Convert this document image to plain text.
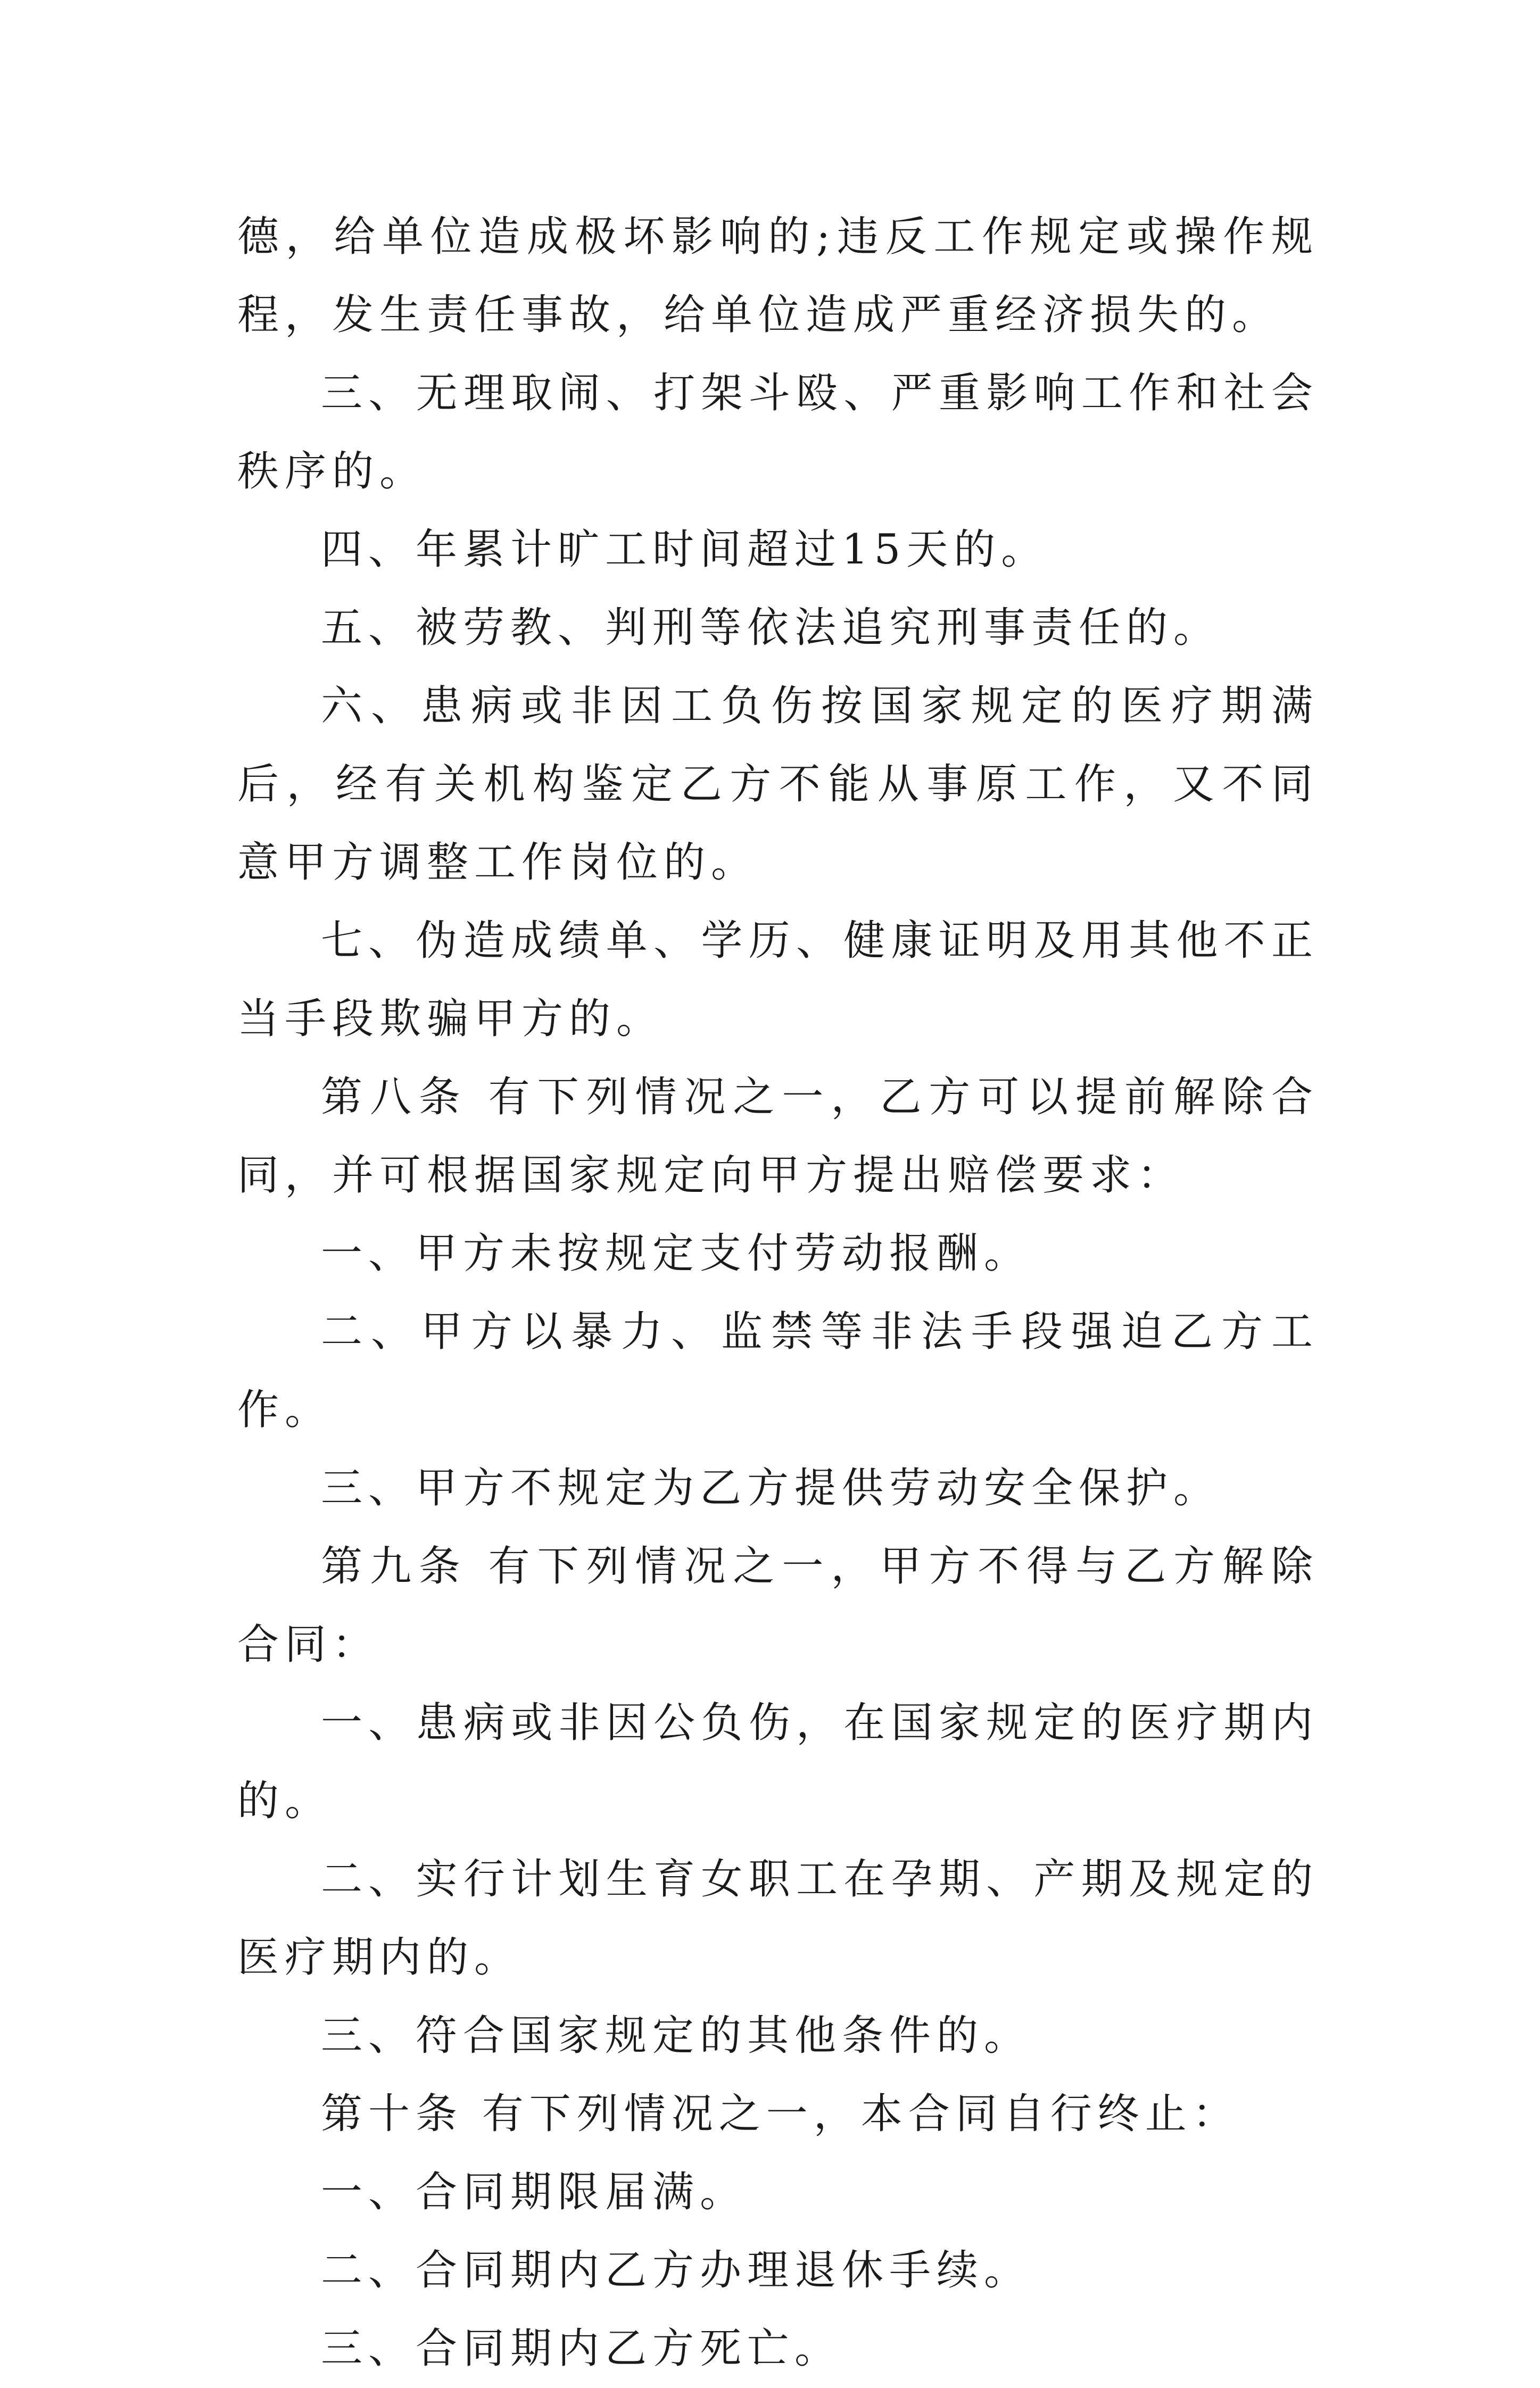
德，给单位造成极坏影响的;违反工作规定或操作规程，发生责任事故，给单位造成严重经济损失的。

三、无理取闹、打架斗殴、严重影响工作和社会秩序的。

四、年累计旷工时间超过15天的。

五、被劳教、判刑等依法追究刑事责任的。

六、患病或非因工负伤按国家规定的医疗期满后，经有关机构鉴定乙方不能从事原工作，又不同意甲方调整工作岗位的。

七、伪造成绩单、学历、健康证明及用其他不正当手段欺骗甲方的。

第八条 有下列情况之一，乙方可以提前解除合同，并可根据国家规定向甲方提出赔偿要求：

一、甲方未按规定支付劳动报酬。

二、甲方以暴力、监禁等非法手段强迫乙方工作。

三、甲方不规定为乙方提供劳动安全保护。

第九条 有下列情况之一，甲方不得与乙方解除合同：

一、患病或非因公负伤，在国家规定的医疗期内的。

二、实行计划生育女职工在孕期、产期及规定的医疗期内的。

三、符合国家规定的其他条件的。

第十条 有下列情况之一，本合同自行终止：

一、合同期限届满。

二、合同期内乙方办理退休手续。

三、合同期内乙方死亡。
